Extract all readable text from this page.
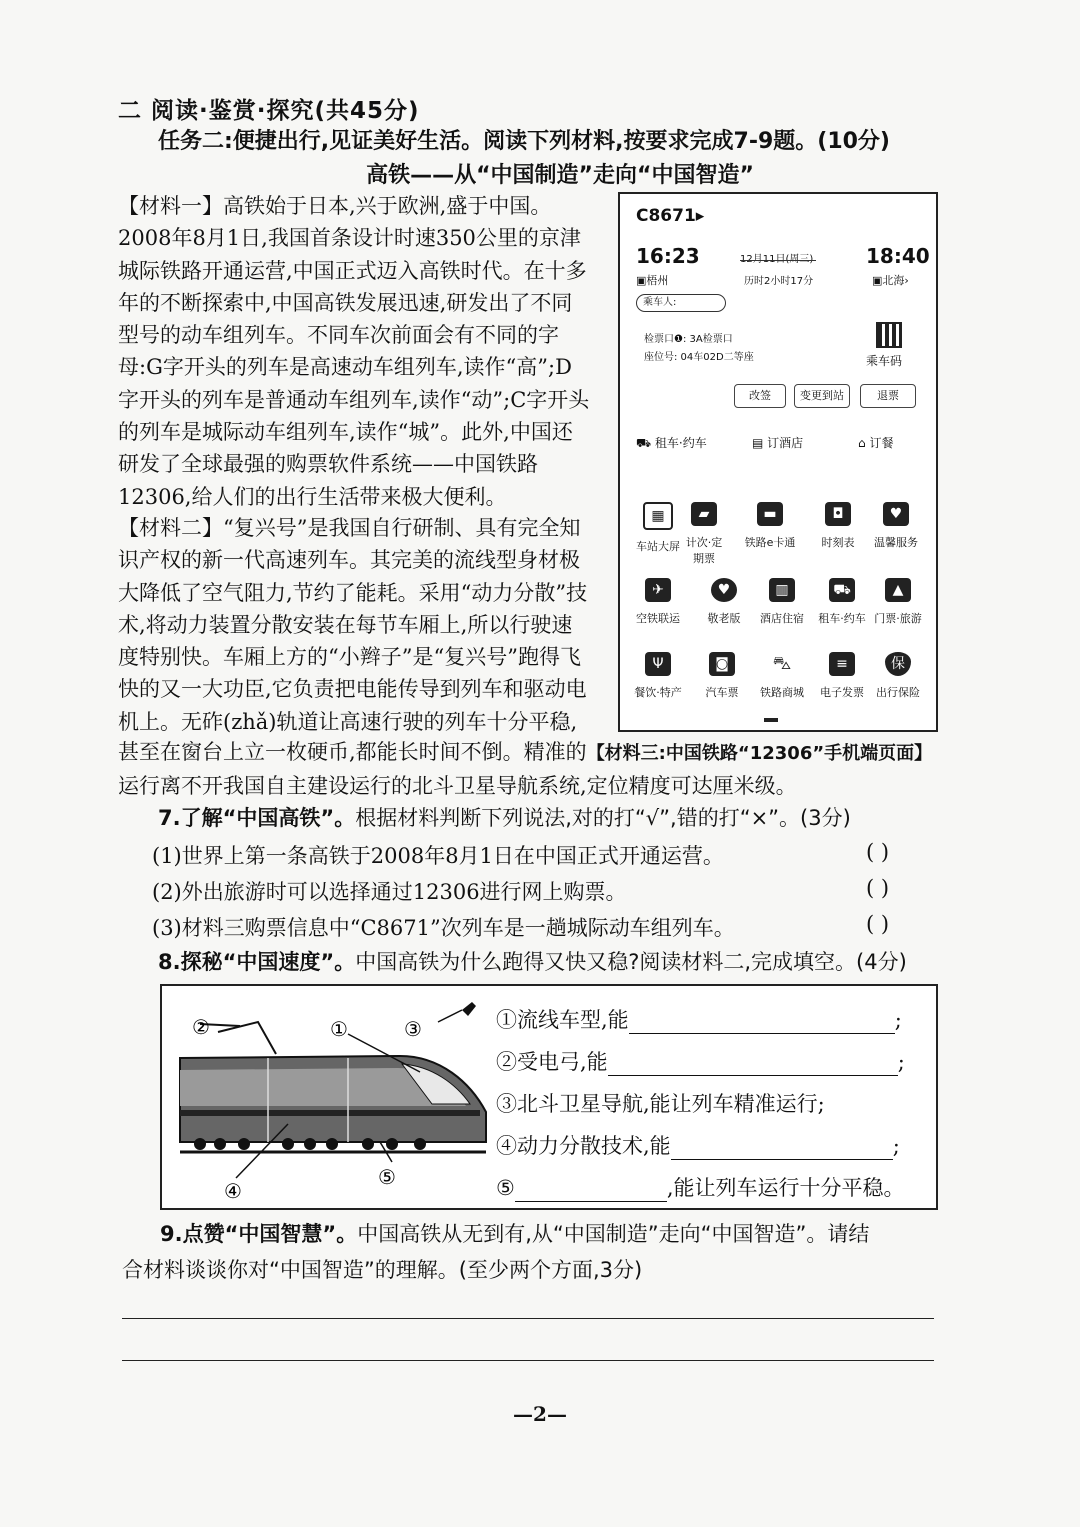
二 阅读·鉴赏·探究(共45分)
任务二:便捷出行,见证美好生活。阅读下列材料,按要求完成7-9题。(10分)
高铁——从“中国制造”走向“中国智造”
【材料一】高铁始于日本,兴于欧洲,盛于中国。
2008年8月1日,我国首条设计时速350公里的京津
城际铁路开通运营,中国正式迈入高铁时代。在十多
年的不断探索中,中国高铁发展迅速,研发出了不同
型号的动车组列车。不同车次前面会有不同的字
母:G字开头的列车是高速动车组列车,读作“高”;D
字开头的列车是普通动车组列车,读作“动”;C字开头
的列车是城际动车组列车,读作“城”。此外,中国还
研发了全球最强的购票软件系统——中国铁路
12306,给人们的出行生活带来极大便利。
【材料二】“复兴号”是我国自行研制、具有完全知
识产权的新一代高速列车。其完美的流线型身材极
大降低了空气阻力,节约了能耗。采用“动力分散”技
术,将动力装置分散安装在每节车厢上,所以行驶速
度特别快。车厢上方的“小辫子”是“复兴号”跑得飞
快的又一大功臣,它负责把电能传导到列车和驱动电
机上。无砟(zhǎ)轨道让高速行驶的列车十分平稳,
甚至在窗台上立一枚硬币,都能长时间不倒。精准的【材料三:中国铁路“12306”手机端页面】
运行离不开我国自主建设运行的北斗卫星导航系统,定位精度可达厘米级。
C8671▸
16:23
▣梧州
12月11日(周三)
历时2小时17分
18:40
▣北海›
乘车人:
检票口❶: 3A检票口
座位号: 04车02D二等座	乘车码
改签	变更到站	退票
⛟ 租车·约车	▤ 订酒店	⌂ 订餐
▦
车站大屏
▰
计次·定期票
▬
铁路e卡通
◘
时刻表
♥
温馨服务
✈
空铁联运
♥
敬老版
▥
酒店住宿
⛟
租车·约车
▲
门票·旅游
Ψ
餐饮·特产
◙
汽车票
⛍
铁路商城
≡
电子发票
保
出行保险
7.了解“中国高铁”。根据材料判断下列说法,对的打“√”,错的打“×”。(3分)
(1)世界上第一条高铁于2008年8月1日在中国正式开通运营。	( )
(2)外出旅游时可以选择通过12306进行网上购票。	( )
(3)材料三购票信息中“C8671”次列车是一趟城际动车组列车。	( )
8.探秘“中国速度”。中国高铁为什么跑得又快又稳?阅读材料二,完成填空。(4分)
②	①	③
④
⑤
①流线车型,能	;
②受电弓,能	;
③北斗卫星导航,能让列车精准运行;
④动力分散技术,能	;
⑤	,能让列车运行十分平稳。
9.点赞“中国智慧”。中国高铁从无到有,从“中国制造”走向“中国智造”。请结
合材料谈谈你对“中国智造”的理解。(至少两个方面,3分)
—2—
